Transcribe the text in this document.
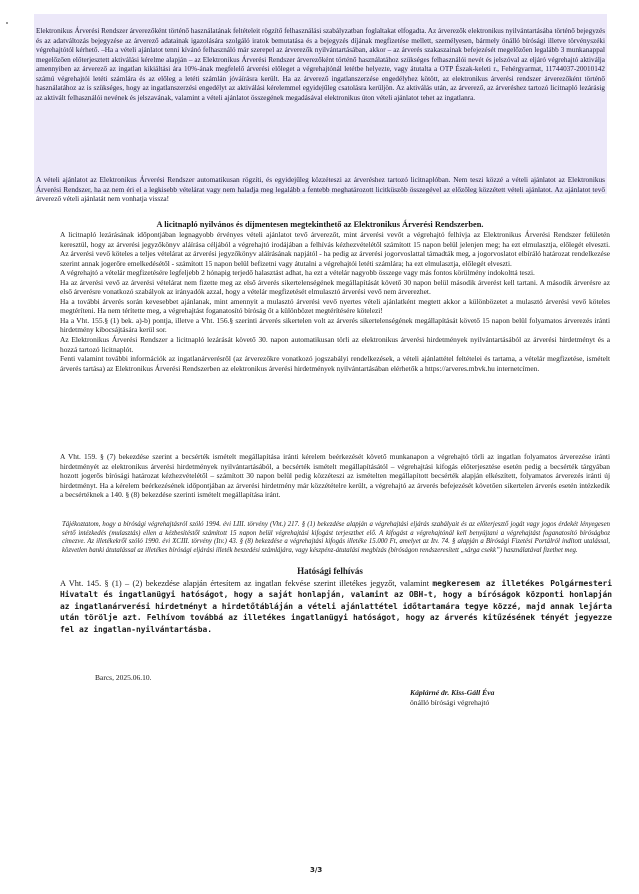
Elektronikus Árverési Rendszer árverezőként történő használatának feltételeit rögzítő felhasználási szabályzatban foglaltakat elfogadta. Az árverezők elektronikus nyilvántartásába történő bejegyzés és az adatváltozás bejegyzése az árverező adatainak igazolására szolgáló iratok bemutatása és a bejegyzés díjának megfizetése mellett, személyesen, bármely önálló bírósági illetve törvényszéki végrehajtótól kérhető. –Ha a vételi ajánlatot tenni kívánó felhasználó már szerepel az árverezők nyilvántartásában, akkor – az árverés szakaszainak befejezését megelőzően legalább 3 munkanappal megelőzően előterjesztett aktiválási kérelme alapján – az Elektronikus Árverési Rendszer árverezőként történő használatához szükséges felhasználói nevét és jelszóval az eljáró végrehajtó aktiválja amennyiben az árverező az ingatlan kikiáltási ára 10%-ának megfelelő árverési előleget a végrehajtónál letétbe helyezte, vagy átutalta a OTP Észak-keleti r., Fehérgyarmat, 11744037-20010142 számú végrehajtói letéti számlára és az előleg a letéti számlán jóváírásra került. Ha az árverező ingatlanszerzése engedélyhez kötött, az elektronikus árverési rendszer árverezőként történő használatához az is szükséges, hogy az ingatlanszerzési engedélyt az aktiválási kérelemmel egyidejűleg csatolásra kerüljön. Az aktiválás után, az árverező, az árveréshez tartozó licitnapló lezárásig az aktivált felhasználói nevének és jelszavának, valamint a vételi ajánlatot összegének megadásával elektronikus úton vételi ajánlatot tehet az ingatlanra.
A vételi ajánlatot az Elektronikus Árverési Rendszer automatikusan rögzíti, és egyidejűleg közzéteszi az árveréshez tartozó licitnaplóban. Nem teszi közzé a vételi ajánlatot az Elektronikus Árverési Rendszer, ha az nem éri el a legkisebb vételárat vagy nem haladja meg legalább a fentebb meghatározott licitküszöb összegével az előzőleg közzétett vételi ajánlatot. Az ajánlatot tevő árverező vételi ajánlatát nem vonhatja vissza!
A licitnapló nyilvános és díjmentesen megtekinthető az Elektronikus Árverési Rendszerben.
A licitnapló lezárásának időpontjában legnagyobb érvényes vételi ajánlatot tevő árverezőt, mint árverési vevőt a végrehajtó felhívja az Elektronikus Árverési Rendszer felületén keresztül, hogy az árverési jegyzőkönyv aláírása céljából a végrehajtó irodájában a felhívás kézhezvételétől számított 15 napon belül jelenjen meg; ha ezt elmulasztja, előlegét elveszti. Az árverési vevő köteles a teljes vételárat az árverési jegyzőkönyv aláírásának napjától - ha pedig az árverési jogorvoslattal támadták meg, a jogorvoslatot elbíráló határozat rendelkezése szerint annak jogerőre emelkedésétől - számított 15 napon belül befizetni vagy átutalni a végrehajtói letéti számlára; ha ezt elmulasztja, előlegét elveszti.
A végrehajtó a vételár megfizetésére legfeljebb 2 hónapig terjedő halasztást adhat, ha ezt a vételár nagyobb összege vagy más fontos körülmény indokolttá teszi.
Ha az árverési vevő az árverési vételárat nem fizette meg az első árverés sikertelenségének megállapítását követő 30 napon belül második árverést kell tartani. A második árverésre az első árverésre vonatkozó szabályok az irányadók azzal, hogy a vételár megfizetését elmulasztó árverési vevő nem árverezhet.
Ha a további árverés során kevesebbet ajánlanak, mint amennyit a mulasztó árverési vevő nyertes vételi ajánlatként megtett akkor a különbözetet a mulasztó árverési vevő köteles megtéríteni. Ha nem térítette meg, a végrehajtást foganatosító bíróság őt a különbözet megtérítésére kötelezi!
Ha a Vht. 155.§ (1) bek. a)-b) pontja, illetve a Vht. 156.§ szerinti árverés sikertelen volt az árverés sikertelenségének megállapítását követő 15 napon belül folyamatos árverezés iránti hirdetmény kibocsájtására kerül sor.
Az Elektronikus Árverési Rendszer a licitnapló lezárását követő 30. napon automatikusan törli az elektronikus árverési hirdetmények nyilvántartásából az árverési hirdetményt és a hozzá tartozó licitnaplót.
Fenti valamint további információk az ingatlanárverésről (az árverezőkre vonatkozó jogszabályi rendelkezések, a vételi ajánlattétel feltételei és tartama, a vételár megfizetése, ismételt árverés tartása) az Elektronikus Árverési Rendszerben az elektronikus árverési hirdetmények nyilvántartásában elérhetők a https://arveres.mbvk.hu internetcímen.
A Vht. 159. § (7) bekezdése szerint a becsérték ismételt megállapítása iránti kérelem beérkezését követő munkanapon a végrehajtó törli az ingatlan folyamatos árverezése iránti hirdetményét az elektronikus árverési hirdetmények nyilvántartásából, a becsérték ismételt megállapításától – végrehajtási kifogás előterjesztése esetén pedig a becsérték tárgyában hozott jogerős bírósági határozat kézhezvételétől – számított 30 napon belül pedig közzéteszi az ismételten megállapított becsérték alapján elkészített, folyamatos árverezés iránti új hirdetményt. Ha a kérelem beérkezésének időpontjában az árverési hirdetmény már közzétételre került, a végrehajtó az árverés befejezését követően sikertelen árverés esetén intézkedik a becsértéknek a 140. § (8) bekezdése szerinti ismételt megállapítása iránt.
Tájékoztatom, hogy a bírósági végrehajtásról szóló 1994. évi LIII. törvény (Vht.) 217. § (1) bekezdése alapján a végrehajtási eljárás szabályait és az előterjesztő jogát vagy jogos érdekét lényegesen sértő intézkedés (mulasztás) ellen a kézbesítéstől számított 15 napon belül végrehajtási kifogást terjeszthet elő. A kifogást a végrehajtónál kell benyújtani a végrehajtást foganatosító bírósághoz címezve. Az illetékekről szóló 1990. évi XCIII. törvény (Itv.) 43. § (8) bekezdése a végrehajtási kifogás illetéke 15.000 Ft, amelyet az Itv. 74. § alapján a Bírósági Fizetési Portálról indított utalással, közvetlen banki átutalással az illetékes bírósági eljárási illeték beszedési számlájára, vagy készpénz-átutalási megbízás (bíróságon rendszeresített „sárga csekk”) használatával fizethet meg.
Hatósági felhívás
A Vht. 145. § (1) – (2) bekezdése alapján értesítem az ingatlan fekvése szerint illetékes jegyzőt, valamint megkeresem az illetékes Polgármesteri Hivatalt és ingatlanügyi hatóságot, hogy a saját honlapján, valamint az OBH-t, hogy a bíróságok központi honlapján az ingatlanárverési hirdetményt a hirdetőtábláján a vételi ajánlattétel időtartamára tegye közzé, majd annak lejárta után törölje azt. Felhívom továbbá az illetékes ingatlanügyi hatóságot, hogy az árverés kitűzésének tényét jegyezze fel az ingatlan-nyilvántartásba.
Barcs, 2025.06.10.
Káplárné dr. Kiss-Gáll Éva
önálló bírósági végrehajtó
3/3
